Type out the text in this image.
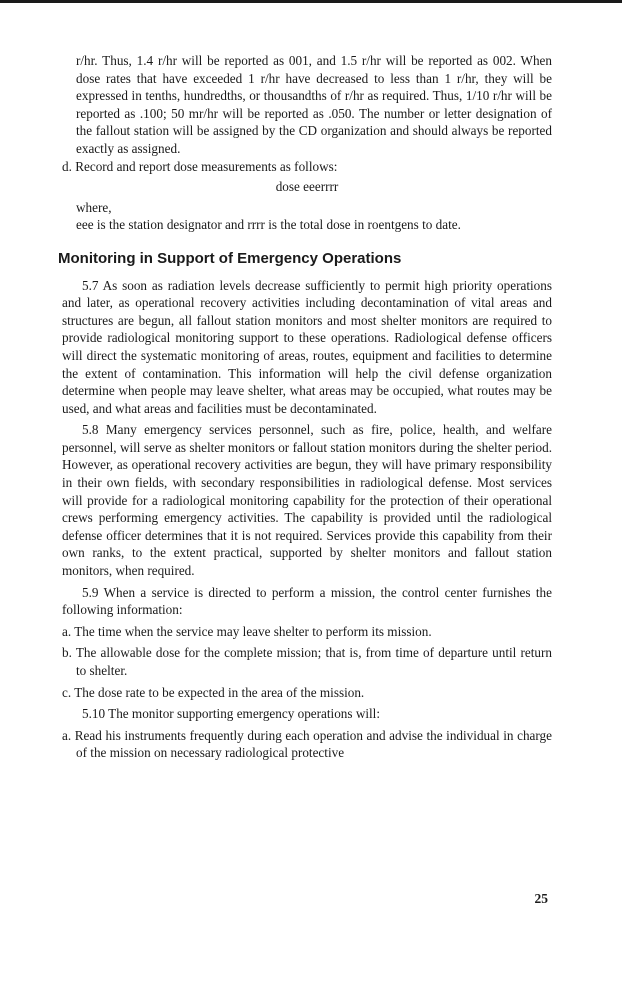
r/hr. Thus, 1.4 r/hr will be reported as 001, and 1.5 r/hr will be reported as 002. When dose rates that have exceeded 1 r/hr have decreased to less than 1 r/hr, they will be expressed in tenths, hundredths, or thousandths of r/hr as required. Thus, 1/10 r/hr will be reported as .100; 50 mr/hr will be reported as .050. The number or letter designation of the fallout station will be assigned by the CD organization and should always be reported exactly as assigned.

d. Record and report dose measurements as follows:

dose eeerrrr

where,

eee is the station designator and rrrr is the total dose in roentgens to date.

Monitoring in Support of Emergency Operations

5.7 As soon as radiation levels decrease sufficiently to permit high priority operations and later, as operational recovery activities including decontamination of vital areas and structures are begun, all fallout station monitors and most shelter monitors are required to provide radiological monitoring support to these operations. Radiological defense officers will direct the systematic monitoring of areas, routes, equipment and facilities to determine the extent of contamination. This information will help the civil defense organization determine when people may leave shelter, what areas may be occupied, what routes may be used, and what areas and facilities must be decontaminated.

5.8 Many emergency services personnel, such as fire, police, health, and welfare personnel, will serve as shelter monitors or fallout station monitors during the shelter period. However, as operational recovery activities are begun, they will have primary responsibility in their own fields, with secondary responsibilities in radiological defense. Most services will provide for a radiological monitoring capability for the protection of their operational crews performing emergency activities. The capability is provided until the radiological defense officer determines that it is not required. Services provide this capability from their own ranks, to the extent practical, supported by shelter monitors and fallout station monitors, when required.

5.9 When a service is directed to perform a mission, the control center furnishes the following information:

a. The time when the service may leave shelter to perform its mission.

b. The allowable dose for the complete mission; that is, from time of departure until return to shelter.

c. The dose rate to be expected in the area of the mission.

5.10 The monitor supporting emergency operations will:

a. Read his instruments frequently during each operation and advise the individual in charge of the mission on necessary radiological protective

25
